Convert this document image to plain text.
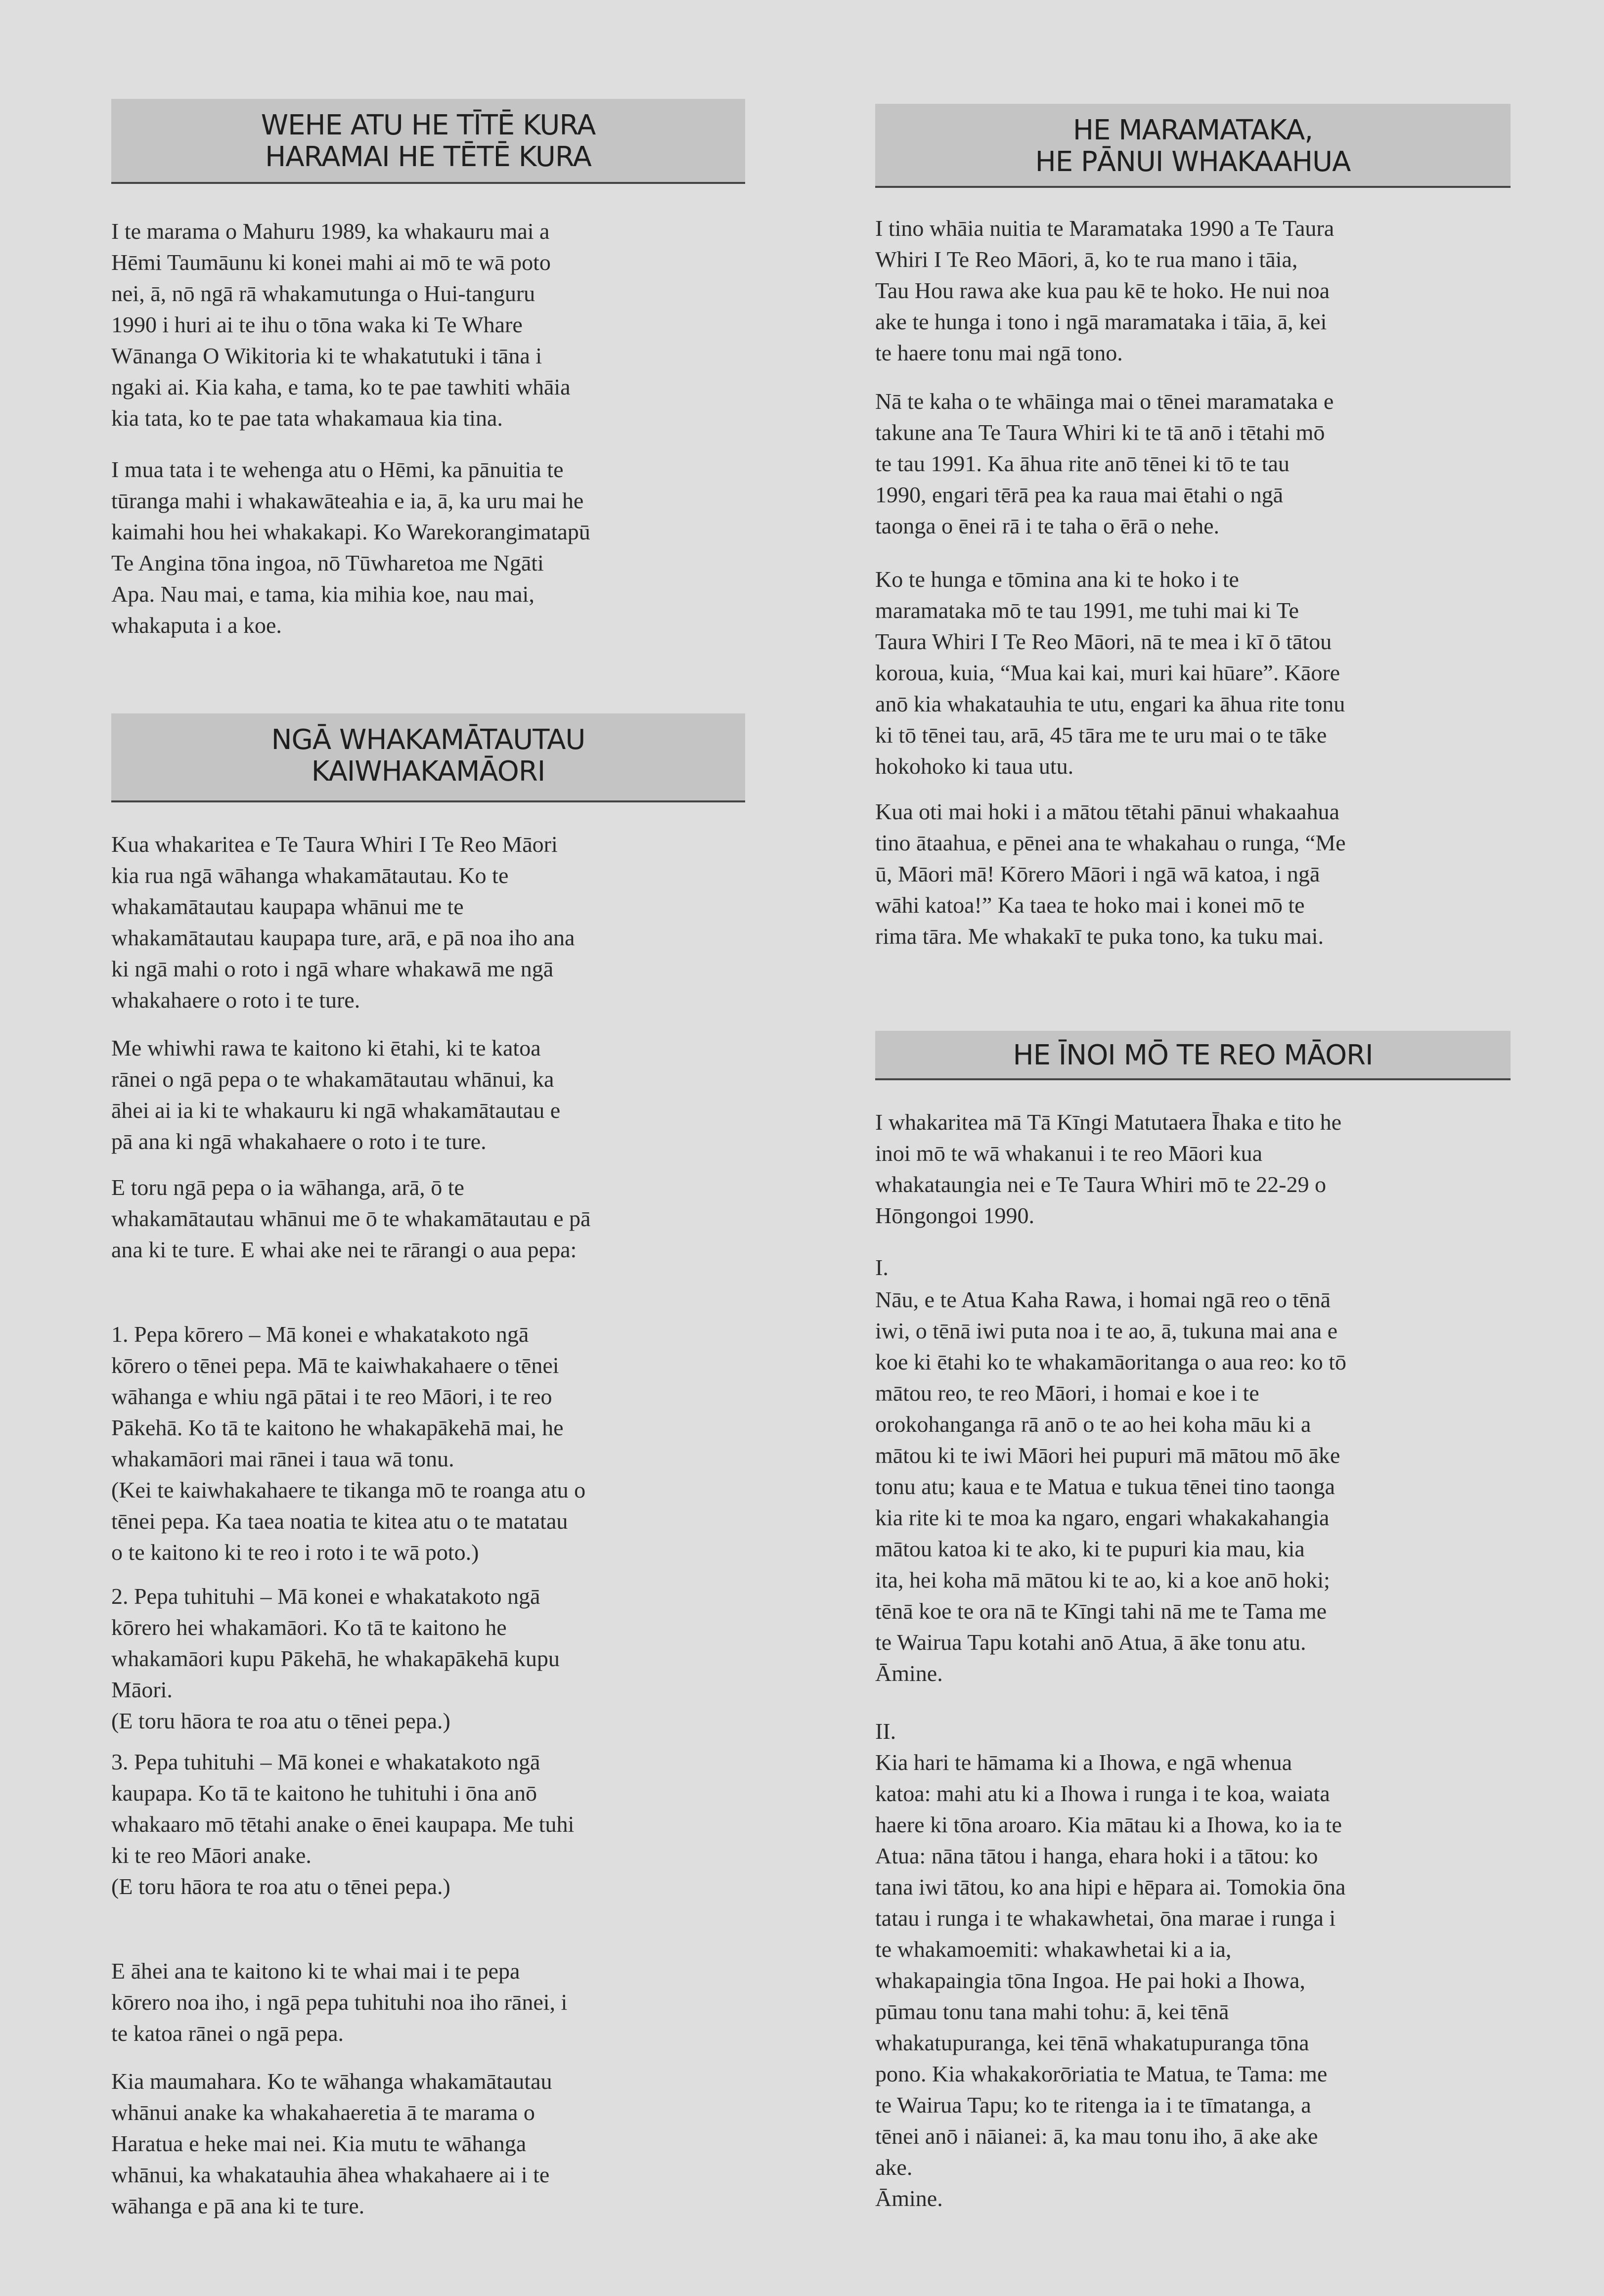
WEHE ATU HE TĪTĒ KURA
HARAMAI HE TĒTĒ KURA

I te marama o Mahuru 1989, ka whakauru mai a
Hēmi Taumāunu ki konei mahi ai mō te wā poto
nei, ā, nō ngā rā whakamutunga o Hui-tanguru
1990 i huri ai te ihu o tōna waka ki Te Whare
Wānanga O Wikitoria ki te whakatutuki i tāna i
ngaki ai. Kia kaha, e tama, ko te pae tawhiti whāia
kia tata, ko te pae tata whakamaua kia tina.

I mua tata i te wehenga atu o Hēmi, ka pānuitia te
tūranga mahi i whakawāteahia e ia, ā, ka uru mai he
kaimahi hou hei whakakapi. Ko Warekorangimatapū
Te Angina tōna ingoa, nō Tūwharetoa me Ngāti
Apa. Nau mai, e tama, kia mihia koe, nau mai,
whakaputa i a koe.

NGĀ WHAKAMĀTAUTAU
KAIWHAKAMĀORI

Kua whakaritea e Te Taura Whiri I Te Reo Māori
kia rua ngā wāhanga whakamātautau. Ko te
whakamātautau kaupapa whānui me te
whakamātautau kaupapa ture, arā, e pā noa iho ana
ki ngā mahi o roto i ngā whare whakawā me ngā
whakahaere o roto i te ture.

Me whiwhi rawa te kaitono ki ētahi, ki te katoa
rānei o ngā pepa o te whakamātautau whānui, ka
āhei ai ia ki te whakauru ki ngā whakamātautau e
pā ana ki ngā whakahaere o roto i te ture.

E toru ngā pepa o ia wāhanga, arā, ō te
whakamātautau whānui me ō te whakamātautau e pā
ana ki te ture. E whai ake nei te rārangi o aua pepa:

1. Pepa kōrero – Mā konei e whakatakoto ngā
kōrero o tēnei pepa. Mā te kaiwhakahaere o tēnei
wāhanga e whiu ngā pātai i te reo Māori, i te reo
Pākehā. Ko tā te kaitono he whakapākehā mai, he
whakamāori mai rānei i taua wā tonu.
(Kei te kaiwhakahaere te tikanga mō te roanga atu o
tēnei pepa. Ka taea noatia te kitea atu o te matatau
o te kaitono ki te reo i roto i te wā poto.)

2. Pepa tuhituhi – Mā konei e whakatakoto ngā
kōrero hei whakamāori. Ko tā te kaitono he
whakamāori kupu Pākehā, he whakapākehā kupu
Māori.
(E toru hāora te roa atu o tēnei pepa.)

3. Pepa tuhituhi – Mā konei e whakatakoto ngā
kaupapa. Ko tā te kaitono he tuhituhi i ōna anō
whakaaro mō tētahi anake o ēnei kaupapa. Me tuhi
ki te reo Māori anake.
(E toru hāora te roa atu o tēnei pepa.)

E āhei ana te kaitono ki te whai mai i te pepa
kōrero noa iho, i ngā pepa tuhituhi noa iho rānei, i
te katoa rānei o ngā pepa.

Kia maumahara. Ko te wāhanga whakamātautau
whānui anake ka whakahaeretia ā te marama o
Haratua e heke mai nei. Kia mutu te wāhanga
whānui, ka whakatauhia āhea whakahaere ai i te
wāhanga e pā ana ki te ture.

HE MARAMATAKA,
HE PĀNUI WHAKAAHUA

I tino whāia nuitia te Maramataka 1990 a Te Taura
Whiri I Te Reo Māori, ā, ko te rua mano i tāia,
Tau Hou rawa ake kua pau kē te hoko. He nui noa
ake te hunga i tono i ngā maramataka i tāia, ā, kei
te haere tonu mai ngā tono.

Nā te kaha o te whāinga mai o tēnei maramataka e
takune ana Te Taura Whiri ki te tā anō i tētahi mō
te tau 1991. Ka āhua rite anō tēnei ki tō te tau
1990, engari tērā pea ka raua mai ētahi o ngā
taonga o ēnei rā i te taha o ērā o nehe.

Ko te hunga e tōmina ana ki te hoko i te
maramataka mō te tau 1991, me tuhi mai ki Te
Taura Whiri I Te Reo Māori, nā te mea i kī ō tātou
koroua, kuia, “Mua kai kai, muri kai hūare”. Kāore
anō kia whakatauhia te utu, engari ka āhua rite tonu
ki tō tēnei tau, arā, 45 tāra me te uru mai o te tāke
hokohoko ki taua utu.

Kua oti mai hoki i a mātou tētahi pānui whakaahua
tino ātaahua, e pēnei ana te whakahau o runga, “Me
ū, Māori mā! Kōrero Māori i ngā wā katoa, i ngā
wāhi katoa!” Ka taea te hoko mai i konei mō te
rima tāra. Me whakakī te puka tono, ka tuku mai.

HE ĪNOI MŌ TE REO MĀORI

I whakaritea mā Tā Kīngi Matutaera Īhaka e tito he
inoi mō te wā whakanui i te reo Māori kua
whakataungia nei e Te Taura Whiri mō te 22-29 o
Hōngongoi 1990.

I.

Nāu, e te Atua Kaha Rawa, i homai ngā reo o tēnā
iwi, o tēnā iwi puta noa i te ao, ā, tukuna mai ana e
koe ki ētahi ko te whakamāoritanga o aua reo: ko tō
mātou reo, te reo Māori, i homai e koe i te
orokohanganga rā anō o te ao hei koha māu ki a
mātou ki te iwi Māori hei pupuri mā mātou mō āke
tonu atu; kaua e te Matua e tukua tēnei tino taonga
kia rite ki te moa ka ngaro, engari whakakahangia
mātou katoa ki te ako, ki te pupuri kia mau, kia
ita, hei koha mā mātou ki te ao, ki a koe anō hoki;
tēnā koe te ora nā te Kīngi tahi nā me te Tama me
te Wairua Tapu kotahi anō Atua, ā āke tonu atu.
Āmine.

II.

Kia hari te hāmama ki a Ihowa, e ngā whenua
katoa: mahi atu ki a Ihowa i runga i te koa, waiata
haere ki tōna aroaro. Kia mātau ki a Ihowa, ko ia te
Atua: nāna tātou i hanga, ehara hoki i a tātou: ko
tana iwi tātou, ko ana hipi e hēpara ai. Tomokia ōna
tatau i runga i te whakawhetai, ōna marae i runga i
te whakamoemiti: whakawhetai ki a ia,
whakapaingia tōna Ingoa. He pai hoki a Ihowa,
pūmau tonu tana mahi tohu: ā, kei tēnā
whakatupuranga, kei tēnā whakatupuranga tōna
pono. Kia whakakorōriatia te Matua, te Tama: me
te Wairua Tapu; ko te ritenga ia i te tīmatanga, a
tēnei anō i nāianei: ā, ka mau tonu iho, ā ake ake
ake.
Āmine.
